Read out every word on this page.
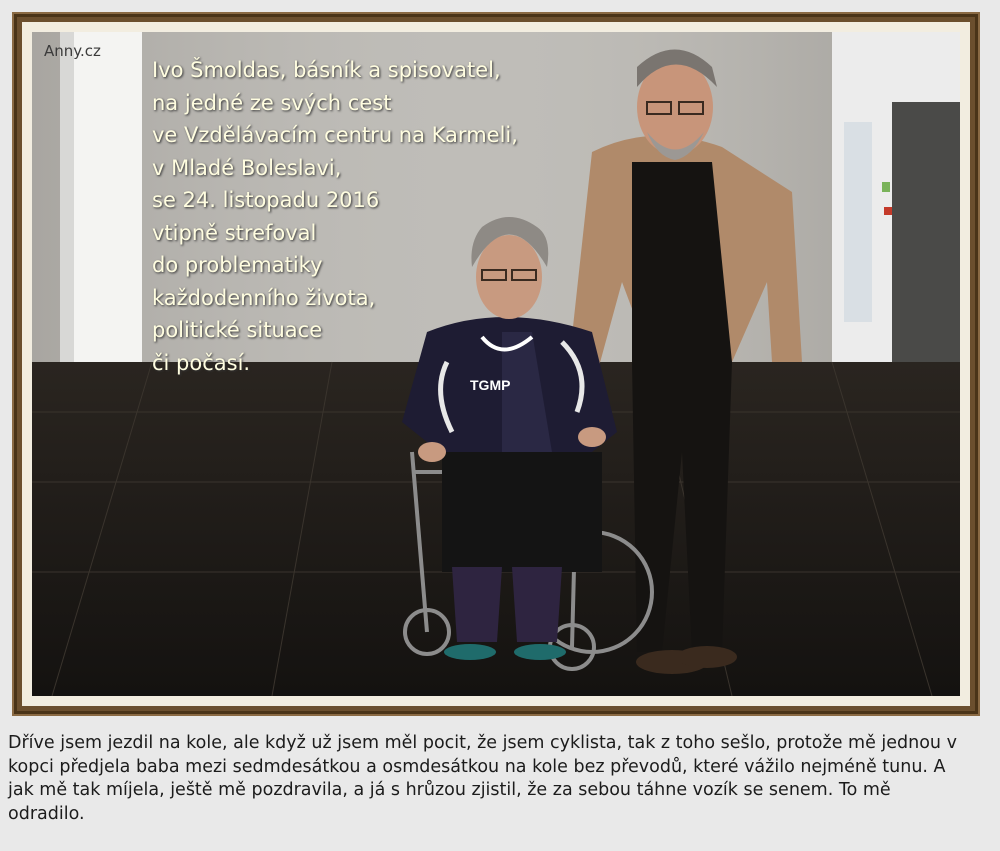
Anny.cz
Ivo Šmoldas, básník a spisovatel,
na jedné ze svých cest
ve Vzdělávacím centru na Karmeli,
v Mladé Boleslavi,
se 24. listopadu 2016
vtipně strefoval
do problematiky
každodenního života,
politické situace
či počasí.
TGMP
Dříve jsem jezdil na kole, ale když už jsem měl pocit, že jsem cyklista, tak z toho sešlo, protože mě jednou v kopci předjela baba mezi sedmdesátkou a osmdesátkou na kole bez převodů, které vážilo nejméně tunu. A jak mě tak míjela, ještě mě pozdravila, a já s hrůzou zjistil, že za sebou táhne vozík se senem. To mě odradilo.
